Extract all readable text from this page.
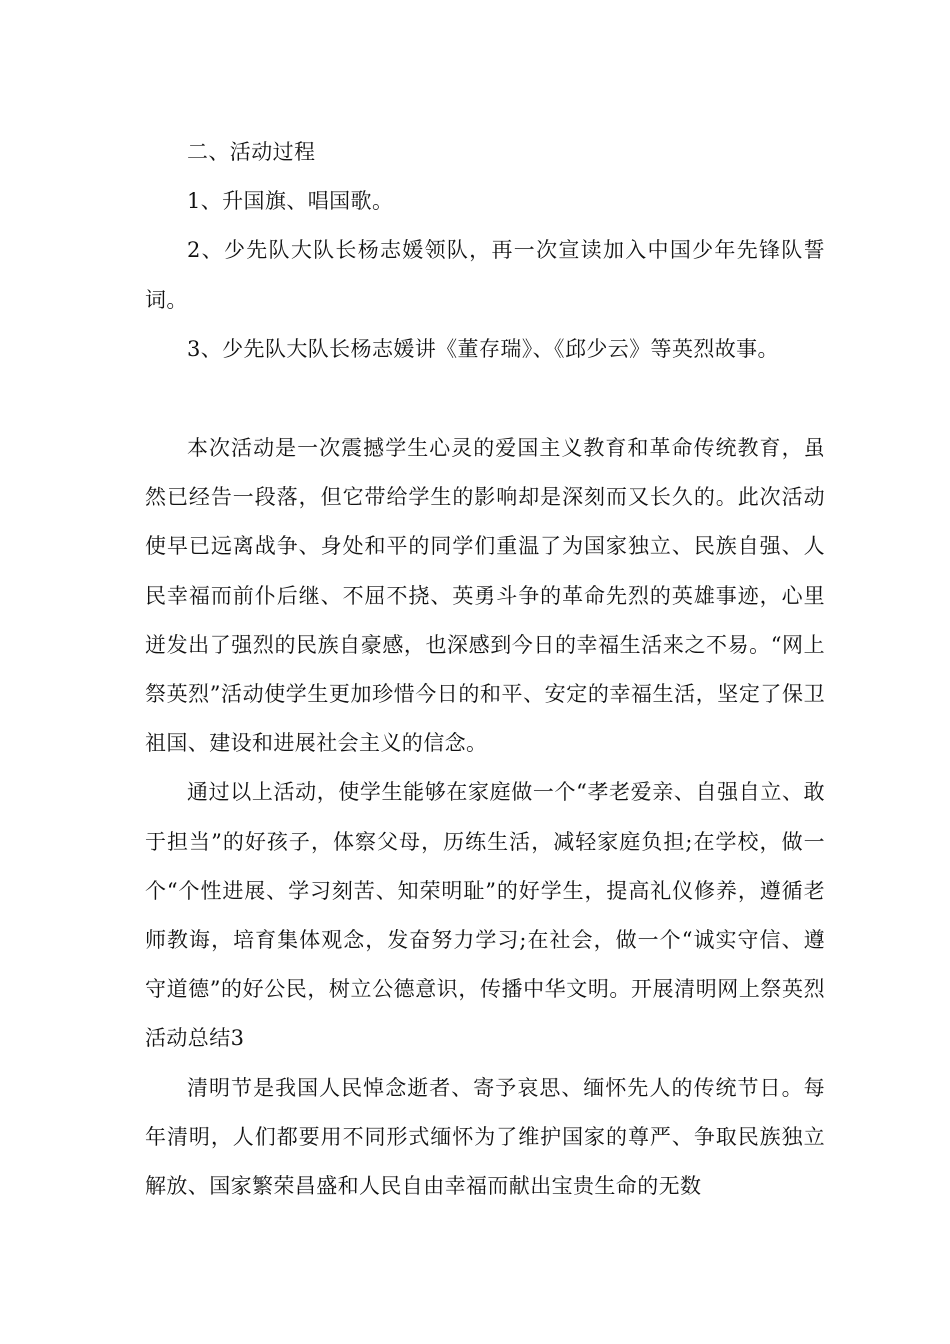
二、活动过程

1、升国旗、唱国歌。

2、少先队大队长杨志媛领队，再一次宣读加入中国少年先锋队誓词。

3、少先队大队长杨志媛讲《董存瑞》、《邱少云》等英烈故事。

本次活动是一次震撼学生心灵的爱国主义教育和革命传统教育，虽然已经告一段落，但它带给学生的影响却是深刻而又长久的。此次活动使早已远离战争、身处和平的同学们重温了为国家独立、民族自强、人民幸福而前仆后继、不屈不挠、英勇斗争的革命先烈的英雄事迹，心里迸发出了强烈的民族自豪感，也深感到今日的幸福生活来之不易。“网上祭英烈”活动使学生更加珍惜今日的和平、安定的幸福生活，坚定了保卫祖国、建设和进展社会主义的信念。

通过以上活动，使学生能够在家庭做一个“孝老爱亲、自强自立、敢于担当”的好孩子，体察父母，历练生活，减轻家庭负担;在学校，做一个“个性进展、学习刻苦、知荣明耻”的好学生，提高礼仪修养，遵循老师教诲，培育集体观念，发奋努力学习;在社会，做一个“诚实守信、遵守道德”的好公民，树立公德意识，传播中华文明。开展清明网上祭英烈活动总结3

清明节是我国人民悼念逝者、寄予哀思、缅怀先人的传统节日。每年清明，人们都要用不同形式缅怀为了维护国家的尊严、争取民族独立解放、国家繁荣昌盛和人民自由幸福而献出宝贵生命的无数
